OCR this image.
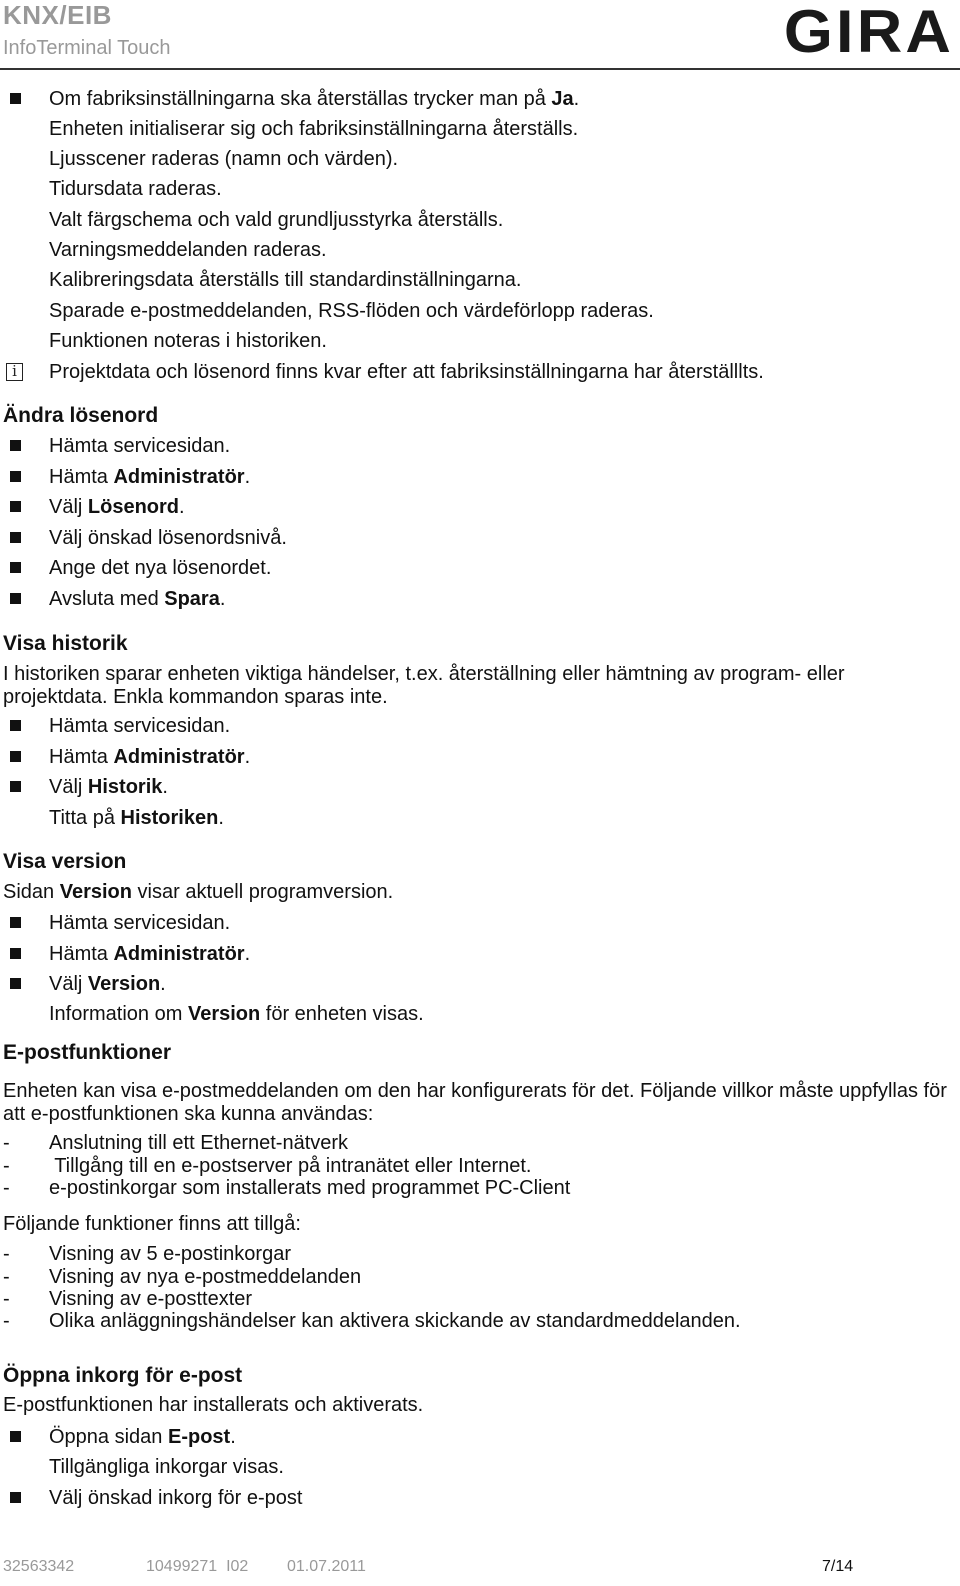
KNX/EIB
InfoTerminal Touch	GIRA
Om fabriksinställningarna ska återställas trycker man på Ja.
Enheten initialiserar sig och fabriksinställningarna återställs.
Ljusscener raderas (namn och värden).
Tidursdata raderas.
Valt färgschema och vald grundljusstyrka återställs.
Varningsmeddelanden raderas.
Kalibreringsdata återställs till standardinställningarna.
Sparade e-postmeddelanden, RSS-flöden och värdeförlopp raderas.
Funktionen noteras i historiken.
i	Projektdata och lösenord finns kvar efter att fabriksinställningarna har återställlts.
Ändra lösenord
Hämta servicesidan.
Hämta Administratör.
Välj Lösenord.
Välj önskad lösenordsnivå.
Ange det nya lösenordet.
Avsluta med Spara.
Visa historik
I historiken sparar enheten viktiga händelser, t.ex. återställning eller hämtning av program- eller projektdata. Enkla kommandon sparas inte.
Hämta servicesidan.
Hämta Administratör.
Välj Historik.
Titta på Historiken.
Visa version
Sidan Version visar aktuell programversion.
Hämta servicesidan.
Hämta Administratör.
Välj Version.
Information om Version för enheten visas.
E-postfunktioner
Enheten kan visa e-postmeddelanden om den har konfigurerats för det. Följande villkor måste uppfyllas för att e-postfunktionen ska kunna användas:
- Anslutning till ett Ethernet-nätverk
- Tillgång till en e-postserver på intranätet eller Internet.
- e-postinkorgar som installerats med programmet PC-Client
Följande funktioner finns att tillgå:
- Visning av 5 e-postinkorgar
- Visning av nya e-postmeddelanden
- Visning av e-posttexter
- Olika anläggningshändelser kan aktivera skickande av standardmeddelanden.
Öppna inkorg för e-post
E-postfunktionen har installerats och aktiverats.
Öppna sidan E-post.
Tillgängliga inkorgar visas.
Välj önskad inkorg för e-post
32563342	10499271  I02 01.07.2011	7/14
